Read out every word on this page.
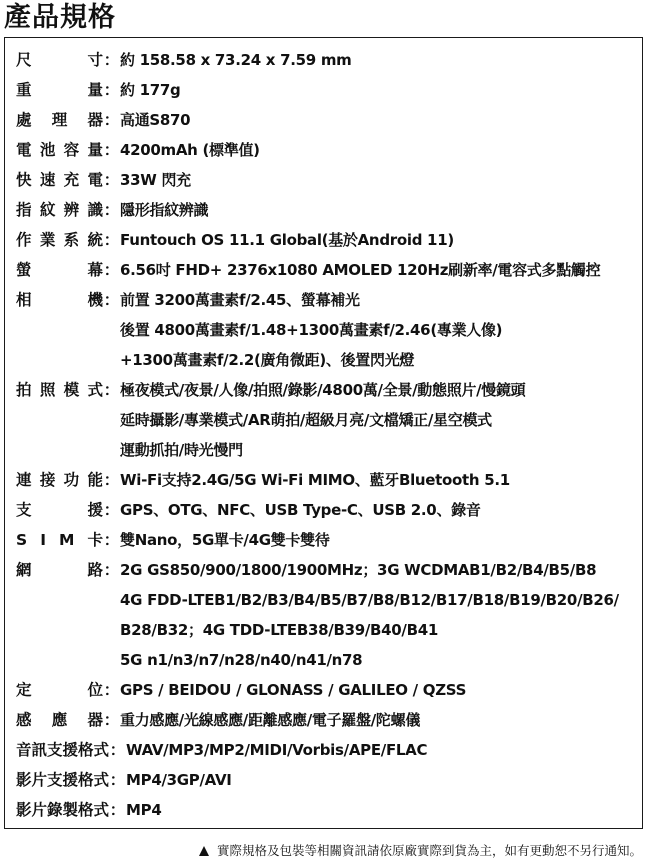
產品規格
尺 寸 ： 約 158.58 x 73.24 x 7.59 mm
重 量 ： 約 177g
處 理 器 ： 高通S870
電池容量 ： 4200mAh (標準值)
快速充電 ： 33W 閃充
指紋辨識 ： 隱形指紋辨識
作業系統 ： Funtouch OS 11.1 Global(基於Android 11)
螢 幕 ： 6.56吋 FHD+ 2376x1080 AMOLED 120Hz刷新率/電容式多點觸控
相 機 ： 前置 3200萬畫素f/2.45、螢幕補光
後置 4800萬畫素f/1.48+1300萬畫素f/2.46(專業人像)
+1300萬畫素f/2.2(廣角微距)、後置閃光燈
拍照模式 ： 極夜模式/夜景/人像/拍照/錄影/4800萬/全景/動態照片/慢鏡頭
延時攝影/專業模式/AR萌拍/超級月亮/文檔矯正/星空模式
運動抓拍/時光慢門
連接功能 ： Wi-Fi支持2.4G/5G Wi-Fi MIMO、藍牙Bluetooth 5.1
支 援 ： GPS、OTG、NFC、USB Type-C、USB 2.0、錄音
S I M 卡 ： 雙Nano，5G單卡/4G雙卡雙待
網 路 ： 2G GS850/900/1800/1900MHz；3G WCDMAB1/B2/B4/B5/B8
4G FDD-LTEB1/B2/B3/B4/B5/B7/B8/B12/B17/B18/B19/B20/B26/
B28/B32；4G TDD-LTEB38/B39/B40/B41
5G n1/n3/n7/n28/n40/n41/n78
定 位 ： GPS / BEIDOU / GLONASS / GALILEO / QZSS
感 應 器 ： 重力感應/光線感應/距離感應/電子羅盤/陀螺儀
音訊支援格式 ： WAV/MP3/MP2/MIDI/Vorbis/APE/FLAC
影片支援格式 ： MP4/3GP/AVI
影片錄製格式 ： MP4
實際規格及包裝等相關資訊請依原廠實際到貨為主，如有更動恕不另行通知。
